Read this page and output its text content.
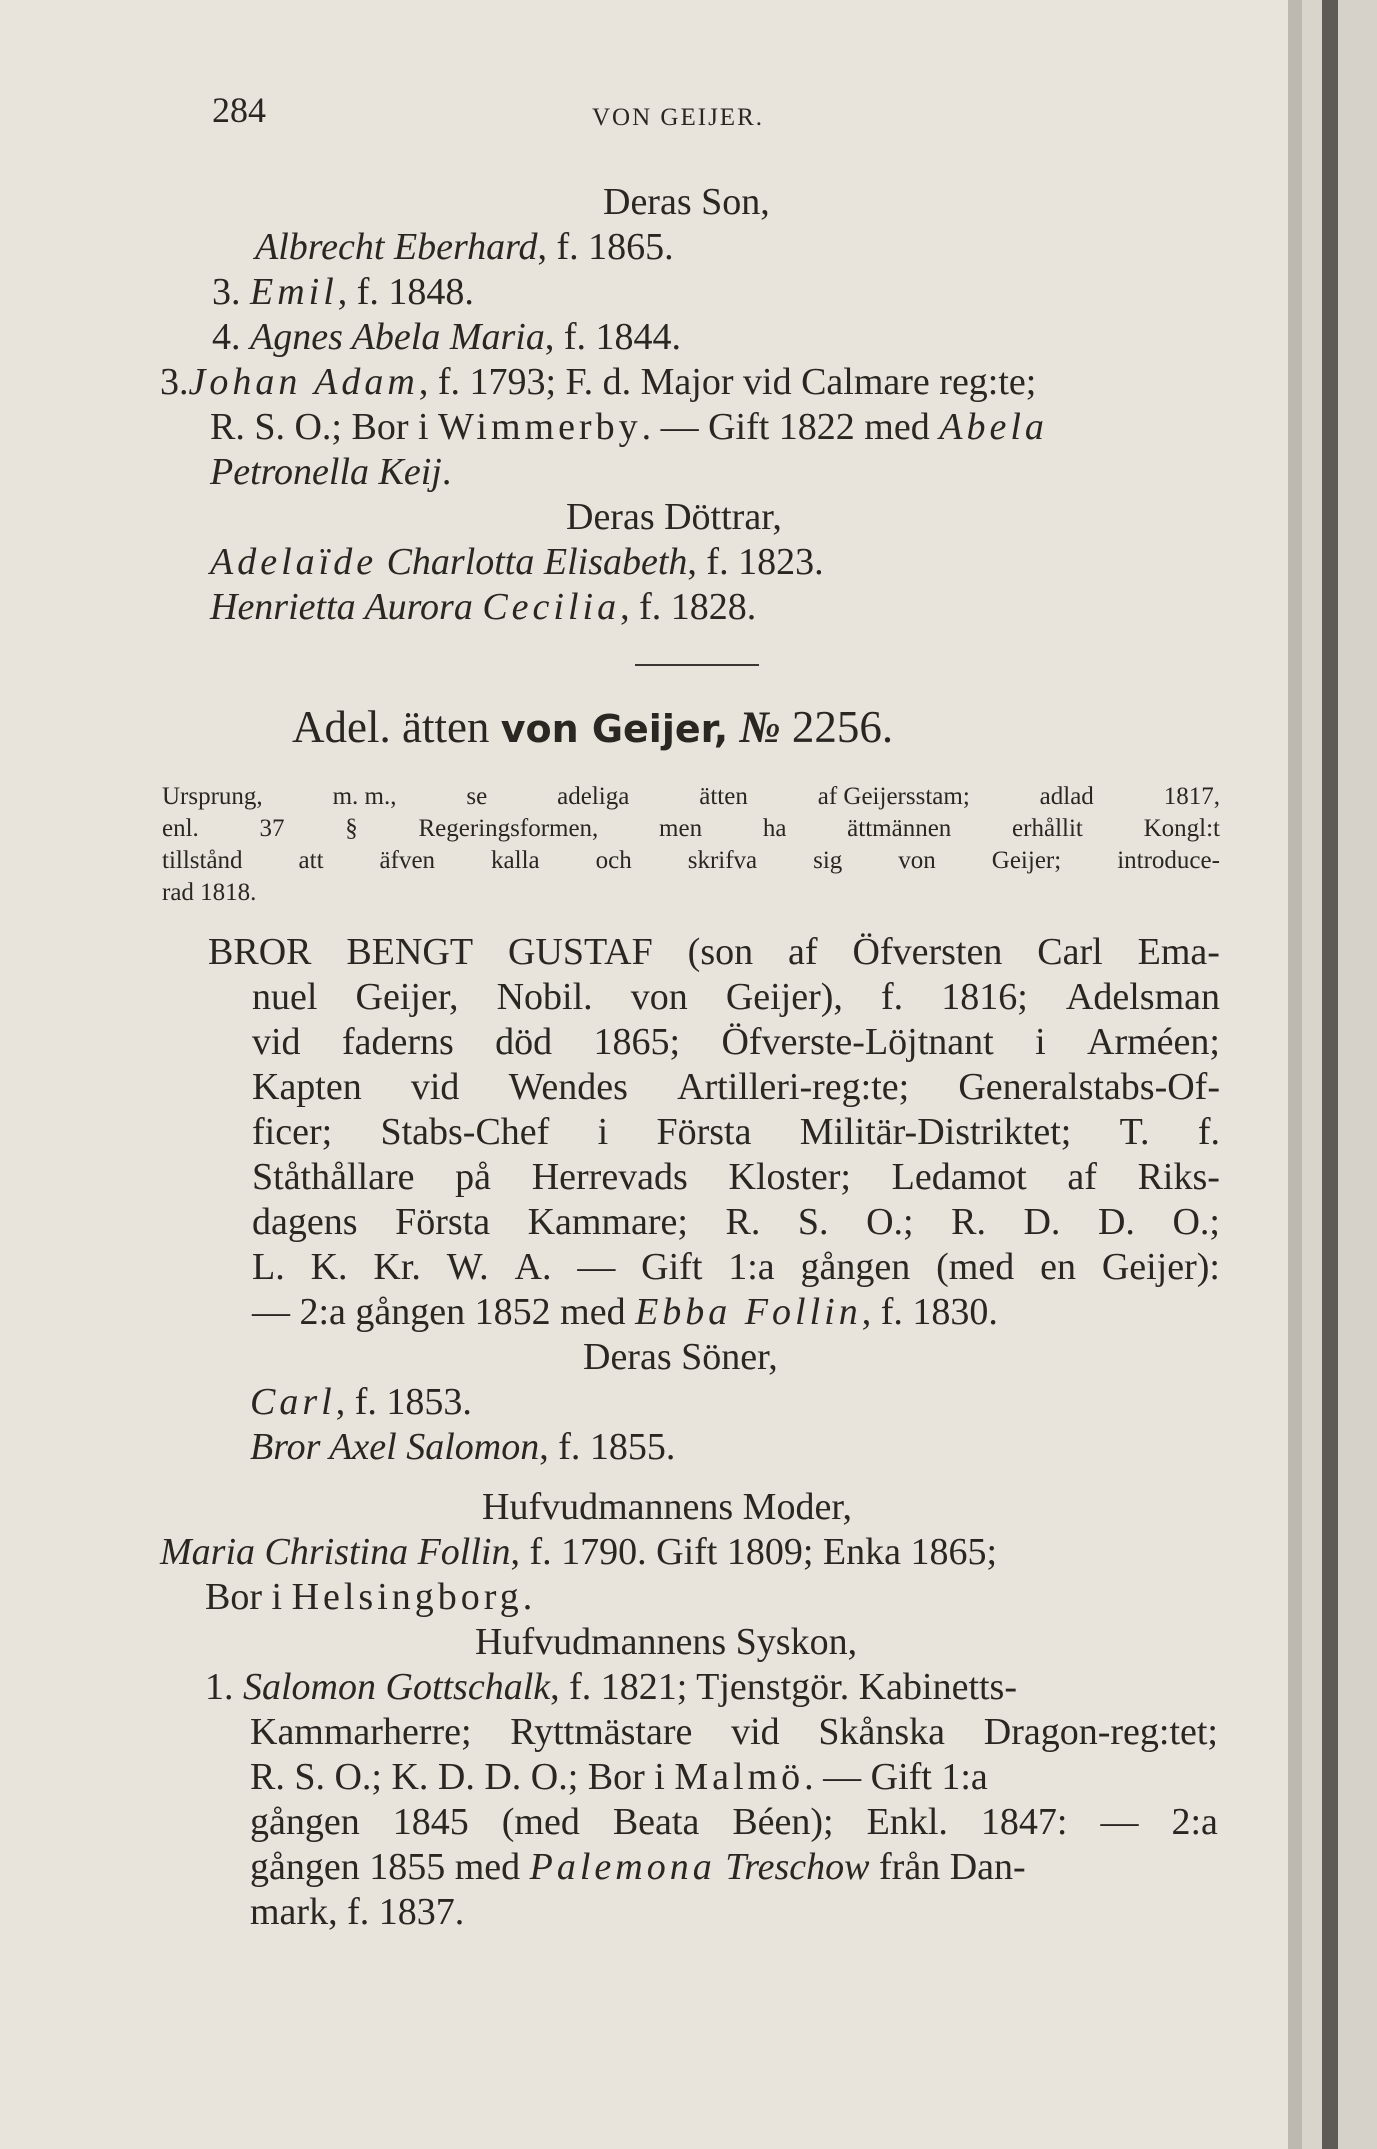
284	VON GEIJER.
Deras Son,
Albrecht Eberhard, f. 1865.
3. Emil, f. 1848.
4. Agnes Abela Maria, f. 1844.
3.Johan Adam, f. 1793; F. d. Major vid Calmare reg:te;
R. S. O.; Bor i Wimmerby. — Gift 1822 med Abela
Petronella Keij.
Deras Döttrar,
Adelaïde Charlotta Elisabeth, f. 1823.
Henrietta Aurora Cecilia, f. 1828.
Adel. ätten von Geijer, № 2256.
Ursprung,	m. m.,	se	adeliga	ätten	af Geijersstam;	adlad	1817,
enl. 37 § Regeringsformen, men ha ättmännen erhållit Kongl:t
tillstånd att äfven kalla och skrifva sig von Geijer; introduce-
rad 1818.
BROR BENGT GUSTAF (son af Öfversten Carl Ema-
nuel Geijer, Nobil. von Geijer), f. 1816; Adelsman
vid faderns död 1865; Öfverste-Löjtnant i Arméen;
Kapten vid Wendes Artilleri-reg:te; Generalstabs-Of-
ficer; Stabs-Chef i Första Militär-Distriktet; T. f.
Ståthållare på Herrevads Kloster; Ledamot af Riks-
dagens Första Kammare; R. S. O.; R. D. D. O.;
L. K. Kr. W. A. — Gift 1:a gången (med en Geijer):
— 2:a gången 1852 med Ebba Follin, f. 1830.
Deras Söner,
Carl, f. 1853.
Bror Axel Salomon, f. 1855.
Hufvudmannens Moder,
Maria Christina Follin, f. 1790. Gift 1809; Enka 1865;
Bor i Helsingborg.
Hufvudmannens Syskon,
1. Salomon Gottschalk, f. 1821; Tjenstgör. Kabinetts-
Kammarherre; Ryttmästare vid Skånska Dragon-reg:tet;
R. S. O.; K. D. D. O.; Bor i Malmö. — Gift 1:a
gången 1845 (med Beata Béen); Enkl. 1847: — 2:a
gången 1855 med Palemona Treschow från Dan-
mark, f. 1837.
